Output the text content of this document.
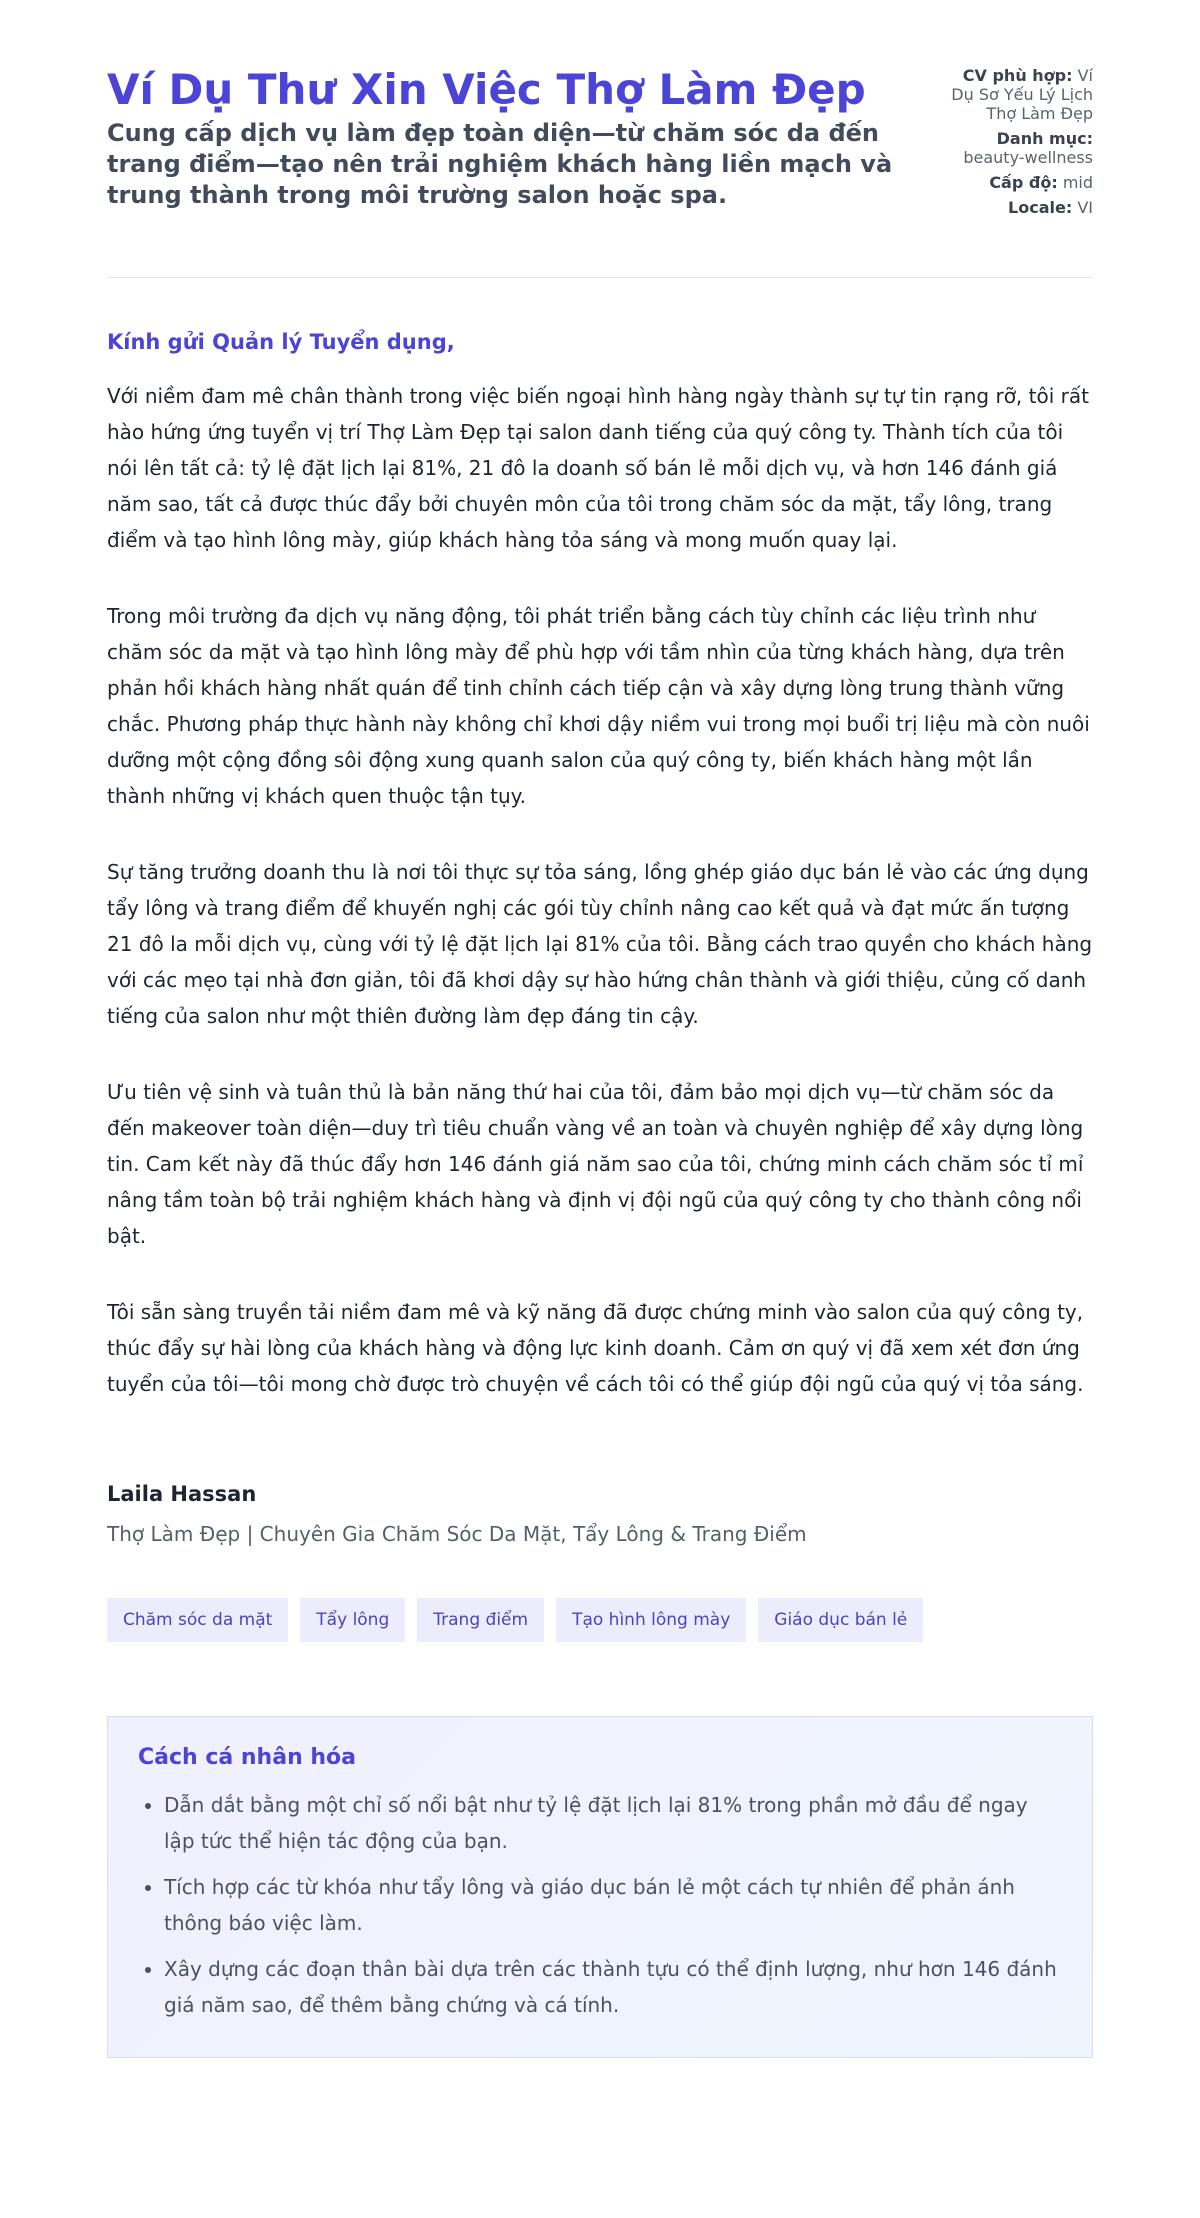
Ví Dụ Thư Xin Việc Thợ Làm Đẹp
Cung cấp dịch vụ làm đẹp toàn diện—từ chăm sóc da đến trang điểm—tạo nên trải nghiệm khách hàng liền mạch và trung thành trong môi trường salon hoặc spa.
CV phù hợp: Ví Dụ Sơ Yếu Lý Lịch Thợ Làm Đẹp
Danh mục:
beauty-wellness
Cấp độ: mid
Locale: VI
Kính gửi Quản lý Tuyển dụng,

Với niềm đam mê chân thành trong việc biến ngoại hình hàng ngày thành sự tự tin rạng rỡ, tôi rất hào hứng ứng tuyển vị trí Thợ Làm Đẹp tại salon danh tiếng của quý công ty. Thành tích của tôi nói lên tất cả: tỷ lệ đặt lịch lại 81%, 21 đô la doanh số bán lẻ mỗi dịch vụ, và hơn 146 đánh giá năm sao, tất cả được thúc đẩy bởi chuyên môn của tôi trong chăm sóc da mặt, tẩy lông, trang điểm và tạo hình lông mày, giúp khách hàng tỏa sáng và mong muốn quay lại.

Trong môi trường đa dịch vụ năng động, tôi phát triển bằng cách tùy chỉnh các liệu trình như chăm sóc da mặt và tạo hình lông mày để phù hợp với tầm nhìn của từng khách hàng, dựa trên phản hồi khách hàng nhất quán để tinh chỉnh cách tiếp cận và xây dựng lòng trung thành vững chắc. Phương pháp thực hành này không chỉ khơi dậy niềm vui trong mọi buổi trị liệu mà còn nuôi dưỡng một cộng đồng sôi động xung quanh salon của quý công ty, biến khách hàng một lần thành những vị khách quen thuộc tận tụy.

Sự tăng trưởng doanh thu là nơi tôi thực sự tỏa sáng, lồng ghép giáo dục bán lẻ vào các ứng dụng tẩy lông và trang điểm để khuyến nghị các gói tùy chỉnh nâng cao kết quả và đạt mức ấn tượng 21 đô la mỗi dịch vụ, cùng với tỷ lệ đặt lịch lại 81% của tôi. Bằng cách trao quyền cho khách hàng với các mẹo tại nhà đơn giản, tôi đã khơi dậy sự hào hứng chân thành và giới thiệu, củng cố danh tiếng của salon như một thiên đường làm đẹp đáng tin cậy.

Ưu tiên vệ sinh và tuân thủ là bản năng thứ hai của tôi, đảm bảo mọi dịch vụ—từ chăm sóc da đến makeover toàn diện—duy trì tiêu chuẩn vàng về an toàn và chuyên nghiệp để xây dựng lòng tin. Cam kết này đã thúc đẩy hơn 146 đánh giá năm sao của tôi, chứng minh cách chăm sóc tỉ mỉ nâng tầm toàn bộ trải nghiệm khách hàng và định vị đội ngũ của quý công ty cho thành công nổi bật.

Tôi sẵn sàng truyền tải niềm đam mê và kỹ năng đã được chứng minh vào salon của quý công ty, thúc đẩy sự hài lòng của khách hàng và động lực kinh doanh. Cảm ơn quý vị đã xem xét đơn ứng tuyển của tôi—tôi mong chờ được trò chuyện về cách tôi có thể giúp đội ngũ của quý vị tỏa sáng.

Laila Hassan
Thợ Làm Đẹp | Chuyên Gia Chăm Sóc Da Mặt, Tẩy Lông & Trang Điểm
Chăm sóc da mặt	Tẩy lông	Trang điểm	Tạo hình lông mày	Giáo dục bán lẻ
Cách cá nhân hóa
• Dẫn dắt bằng một chỉ số nổi bật như tỷ lệ đặt lịch lại 81% trong phần mở đầu để ngay lập tức thể hiện tác động của bạn.
• Tích hợp các từ khóa như tẩy lông và giáo dục bán lẻ một cách tự nhiên để phản ánh thông báo việc làm.
• Xây dựng các đoạn thân bài dựa trên các thành tựu có thể định lượng, như hơn 146 đánh giá năm sao, để thêm bằng chứng và cá tính.
